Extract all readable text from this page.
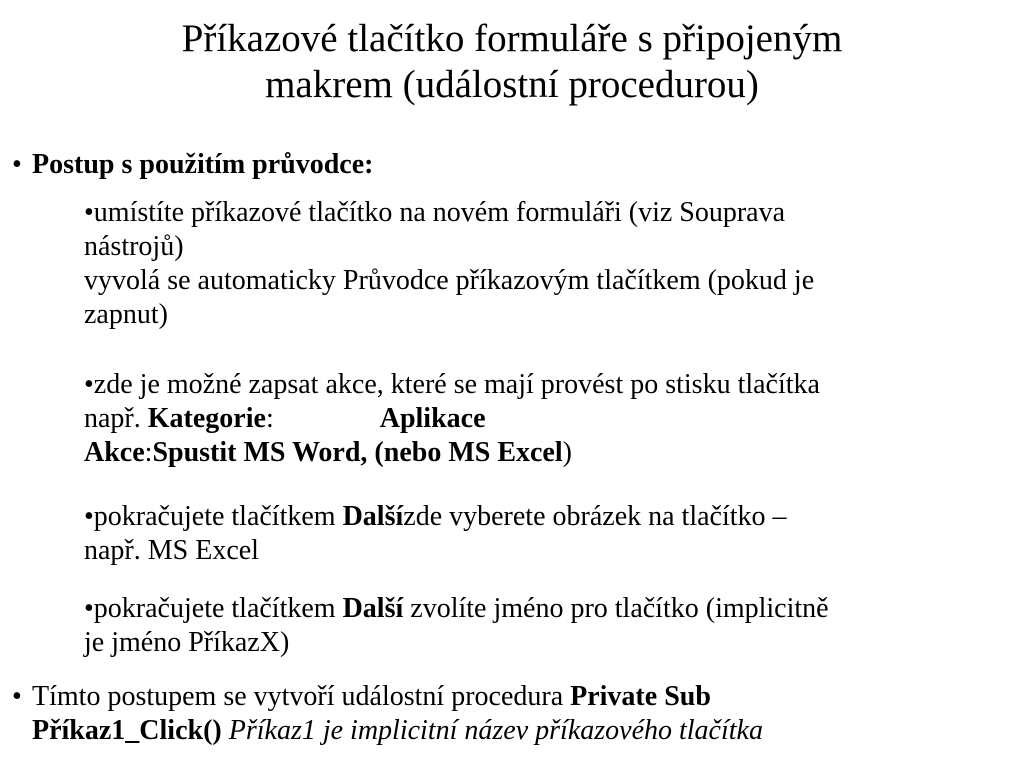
Příkazové tlačítko formuláře s připojeným
makrem (událostní procedurou)
• Postup s použitím průvodce:
•umístíte příkazové tlačítko na novém formuláři (viz Souprava
nástrojů)
vyvolá se automaticky Průvodce příkazovým tlačítkem (pokud je
zapnut)
•zde je možné zapsat akce, které se mají provést po stisku tlačítka
např. Kategorie:	Aplikace
Akce:Spustit MS Word, (nebo MS Excel)
•pokračujete tlačítkem Dalšízde vyberete obrázek na tlačítko –
např. MS Excel
•pokračujete tlačítkem Další zvolíte jméno pro tlačítko (implicitně
je jméno PříkazX)
• Tímto postupem se vytvoří událostní procedura Private Sub
Příkaz1_Click() Příkaz1 je implicitní název příkazového tlačítka
